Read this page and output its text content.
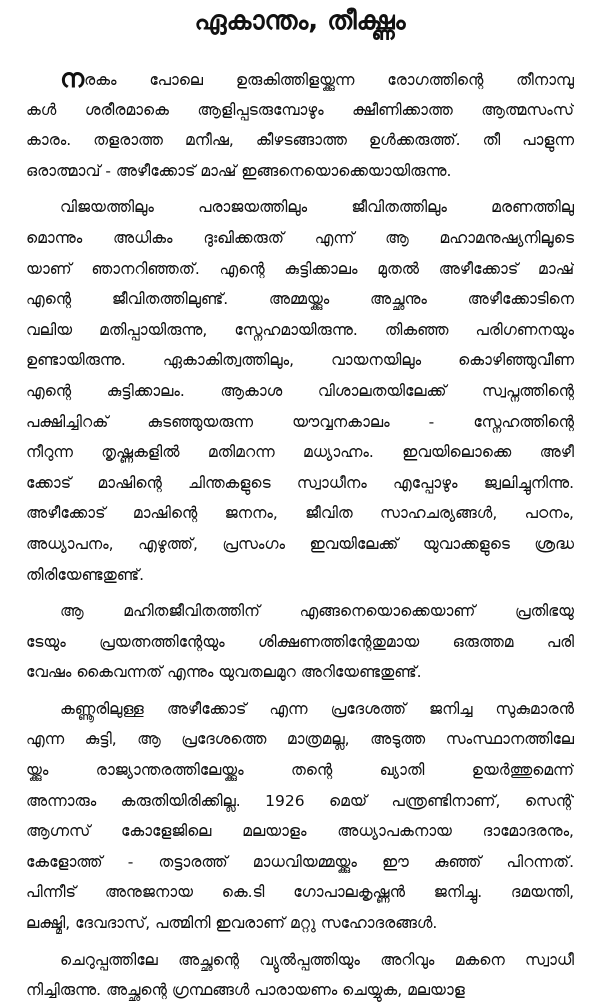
ഏകാന്തം, തീക്ഷ്ണം
നരകം പോലെ ഉരുകിത്തിളയ്ക്കുന്ന രോഗത്തിന്റെ തീനാമ്പു
കൾ ശരീരമാകെ ആളിപ്പടരുമ്പോഴും ക്ഷീണിക്കാത്ത ആത്മസംസ്
കാരം. തളരാത്ത മനീഷ, കീഴടങ്ങാത്ത ഉൾക്കരുത്ത്. തീ പാളുന്ന
ഒരാത്മാവ് - അഴീക്കോട് മാഷ് ഇങ്ങനെയൊക്കെയായിരുന്നു.
വിജയത്തിലും പരാജയത്തിലും ജീവിതത്തിലും മരണത്തിലു
മൊന്നും അധികം ദുഃഖിക്കരുത് എന്ന് ആ മഹാമനുഷ്യനിലൂടെ
യാണ് ഞാനറിഞ്ഞത്. എന്റെ കുട്ടിക്കാലം മുതൽ അഴീക്കോട് മാഷ്
എന്റെ ജീവിതത്തിലുണ്ട്. അമ്മയ്ക്കും അച്ഛനും അഴീക്കോടിനെ
വലിയ മതിപ്പായിരുന്നു, സ്നേഹമായിരുന്നു. തികഞ്ഞ പരിഗണനയും
ഉണ്ടായിരുന്നു. ഏകാകിത്വത്തിലും, വായനയിലും കൊഴിഞ്ഞുവീണ
എന്റെ കുട്ടിക്കാലം. ആകാശ വിശാലതയിലേക്ക് സ്വപ്നത്തിന്റെ
പക്ഷിച്ചിറക് കുടഞ്ഞുയരുന്ന യൗവ്വനകാലം - സ്നേഹത്തിന്റെ
നീറുന്ന തൃഷ്ണകളിൽ മതിമറന്ന മധ്യാഹ്നം. ഇവയിലൊക്കെ അഴീ
ക്കോട് മാഷിന്റെ ചിന്തകളുടെ സ്വാധീനം എപ്പോഴും ജ്വലിച്ചുനിന്നു.
അഴീക്കോട് മാഷിന്റെ ജനനം, ജീവിത സാഹചര്യങ്ങൾ, പഠനം,
അധ്യാപനം, എഴുത്ത്, പ്രസംഗം ഇവയിലേക്ക് യുവാക്കളുടെ ശ്രദ്ധ
തിരിയേണ്ടതുണ്ട്.
ആ മഹിതജീവിതത്തിന് എങ്ങനെയൊക്കെയാണ് പ്രതിഭയു
ടേയും പ്രയത്നത്തിന്റേയും ശിക്ഷണത്തിന്റേതുമായ ഒരുത്തമ പരി
വേഷം കൈവന്നത് എന്നും യുവതലമുറ അറിയേണ്ടതുണ്ട്.
കണ്ണൂരിലുള്ള അഴീക്കോട് എന്ന പ്രദേശത്ത് ജനിച്ച സുകുമാരൻ
എന്ന കുട്ടി, ആ പ്രദേശത്തെ മാത്രമല്ല, അടുത്ത സംസ്ഥാനത്തിലേ
യ്ക്കും രാജ്യാന്തരത്തിലേയ്ക്കും തന്റെ ഖ്യാതി ഉയർത്തുമെന്ന്
അന്നാരും കരുതിയിരിക്കില്ല. 1926 മെയ് പന്ത്രണ്ടിനാണ്, സെന്റ്
ആഗ്നസ് കോളേജിലെ മലയാളം അധ്യാപകനായ ദാമോദരനും,
കേളോത്ത് - തട്ടാരത്ത് മാധവിയമ്മയ്ക്കും ഈ കുഞ്ഞ് പിറന്നത്.
പിന്നീട് അനുജനായ കെ.ടി ഗോപാലകൃഷ്ണൻ ജനിച്ചു. ദമയന്തി,
ലക്ഷ്മി, ദേവദാസ്, പത്മിനി ഇവരാണ് മറ്റു സഹോദരങ്ങൾ.
ചെറുപ്പത്തിലേ അച്ഛന്റെ വ്യുൽപ്പത്തിയും അറിവും മകനെ സ്വാധീ
നിച്ചിരുന്നു. അച്ഛന്റെ ഗ്രന്ഥങ്ങൾ പാരായണം ചെയ്യുക, മലയാള
